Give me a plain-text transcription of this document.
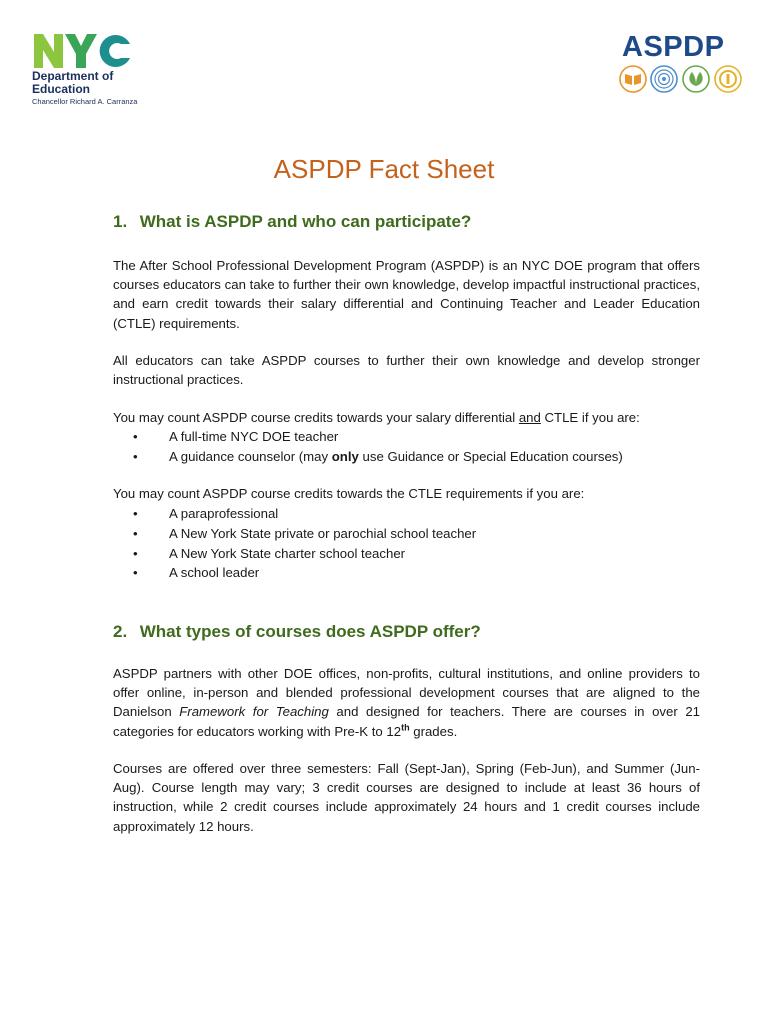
Department of
Education
Chancellor Richard A. Carranza
ASPDP
ASPDP Fact Sheet
1. What is ASPDP and who can participate?
The After School Professional Development Program (ASPDP) is an NYC DOE program that offers courses educators can take to further their own knowledge, develop impactful instructional practices, and earn credit towards their salary differential and Continuing Teacher and Leader Education (CTLE) requirements.
All educators can take ASPDP courses to further their own knowledge and develop stronger instructional practices.
You may count ASPDP course credits towards your salary differential and CTLE if you are:
• A full-time NYC DOE teacher
• A guidance counselor (may only use Guidance or Special Education courses)
You may count ASPDP course credits towards the CTLE requirements if you are:
• A paraprofessional
• A New York State private or parochial school teacher
• A New York State charter school teacher
• A school leader
2. What types of courses does ASPDP offer?
ASPDP partners with other DOE offices, non-profits, cultural institutions, and online providers to offer online, in-person and blended professional development courses that are aligned to the Danielson Framework for Teaching and designed for teachers. There are courses in over 21 categories for educators working with Pre-K to 12th grades.
Courses are offered over three semesters: Fall (Sept-Jan), Spring (Feb-Jun), and Summer (Jun-Aug). Course length may vary; 3 credit courses are designed to include at least 36 hours of instruction, while 2 credit courses include approximately 24 hours and 1 credit courses include approximately 12 hours.
